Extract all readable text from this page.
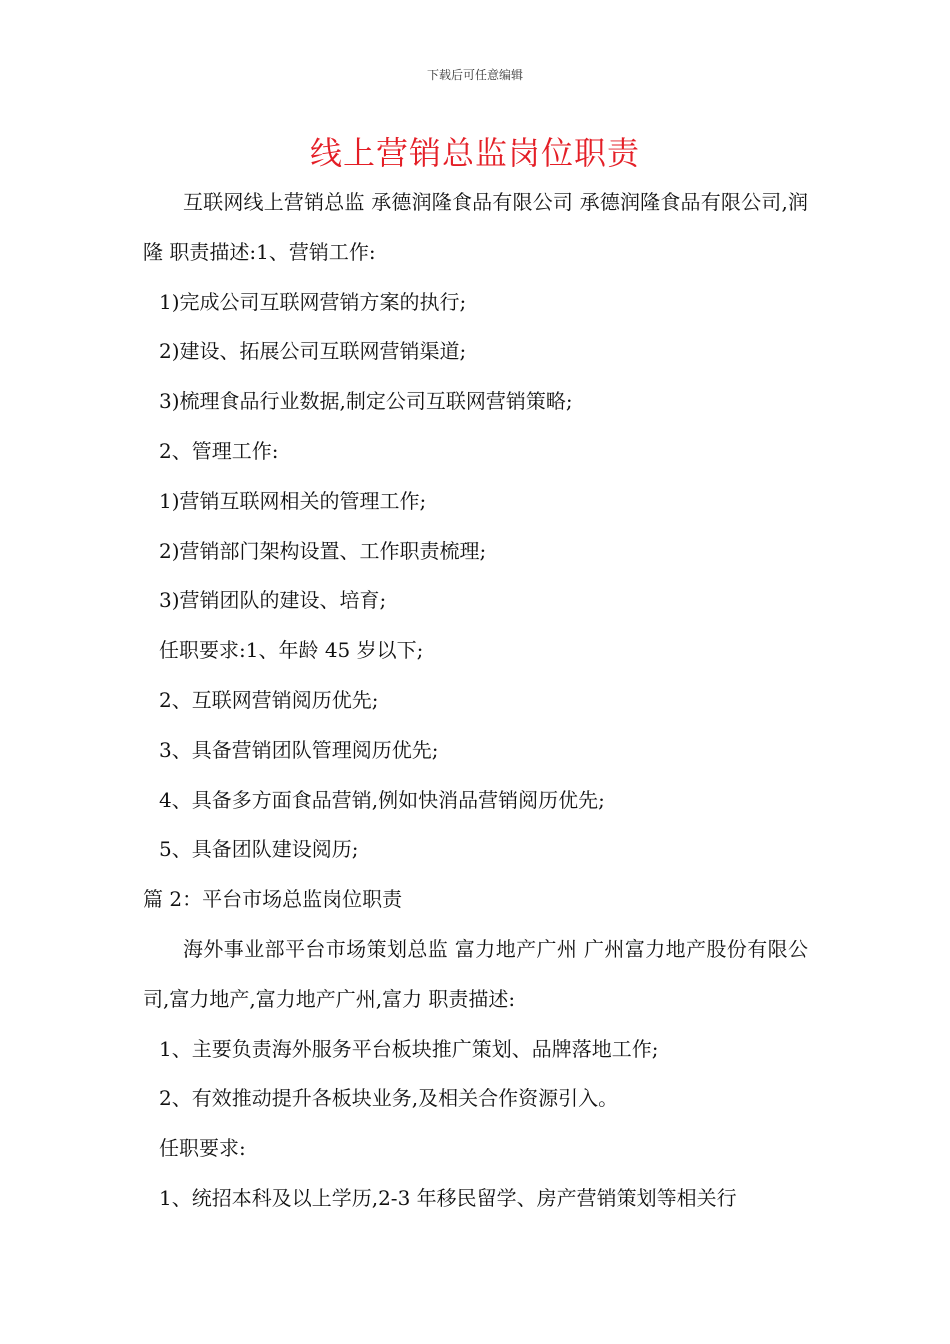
下载后可任意编辑
线上营销总监岗位职责

互联网线上营销总监 承德润隆食品有限公司 承德润隆食品有限公司,润隆 职责描述:1、营销工作:

1)完成公司互联网营销方案的执行;

2)建设、拓展公司互联网营销渠道;

3)梳理食品行业数据,制定公司互联网营销策略;

2、管理工作:

1)营销互联网相关的管理工作;

2)营销部门架构设置、工作职责梳理;

3)营销团队的建设、培育;

任职要求:1、年龄 45 岁以下;

2、互联网营销阅历优先;

3、具备营销团队管理阅历优先;

4、具备多方面食品营销,例如快消品营销阅历优先;

5、具备团队建设阅历;

篇 2：平台市场总监岗位职责

海外事业部平台市场策划总监 富力地产广州 广州富力地产股份有限公司,富力地产,富力地产广州,富力 职责描述:

1、主要负责海外服务平台板块推广策划、品牌落地工作;

2、有效推动提升各板块业务,及相关合作资源引入。

任职要求:

1、统招本科及以上学历,2-3 年移民留学、房产营销策划等相关行
